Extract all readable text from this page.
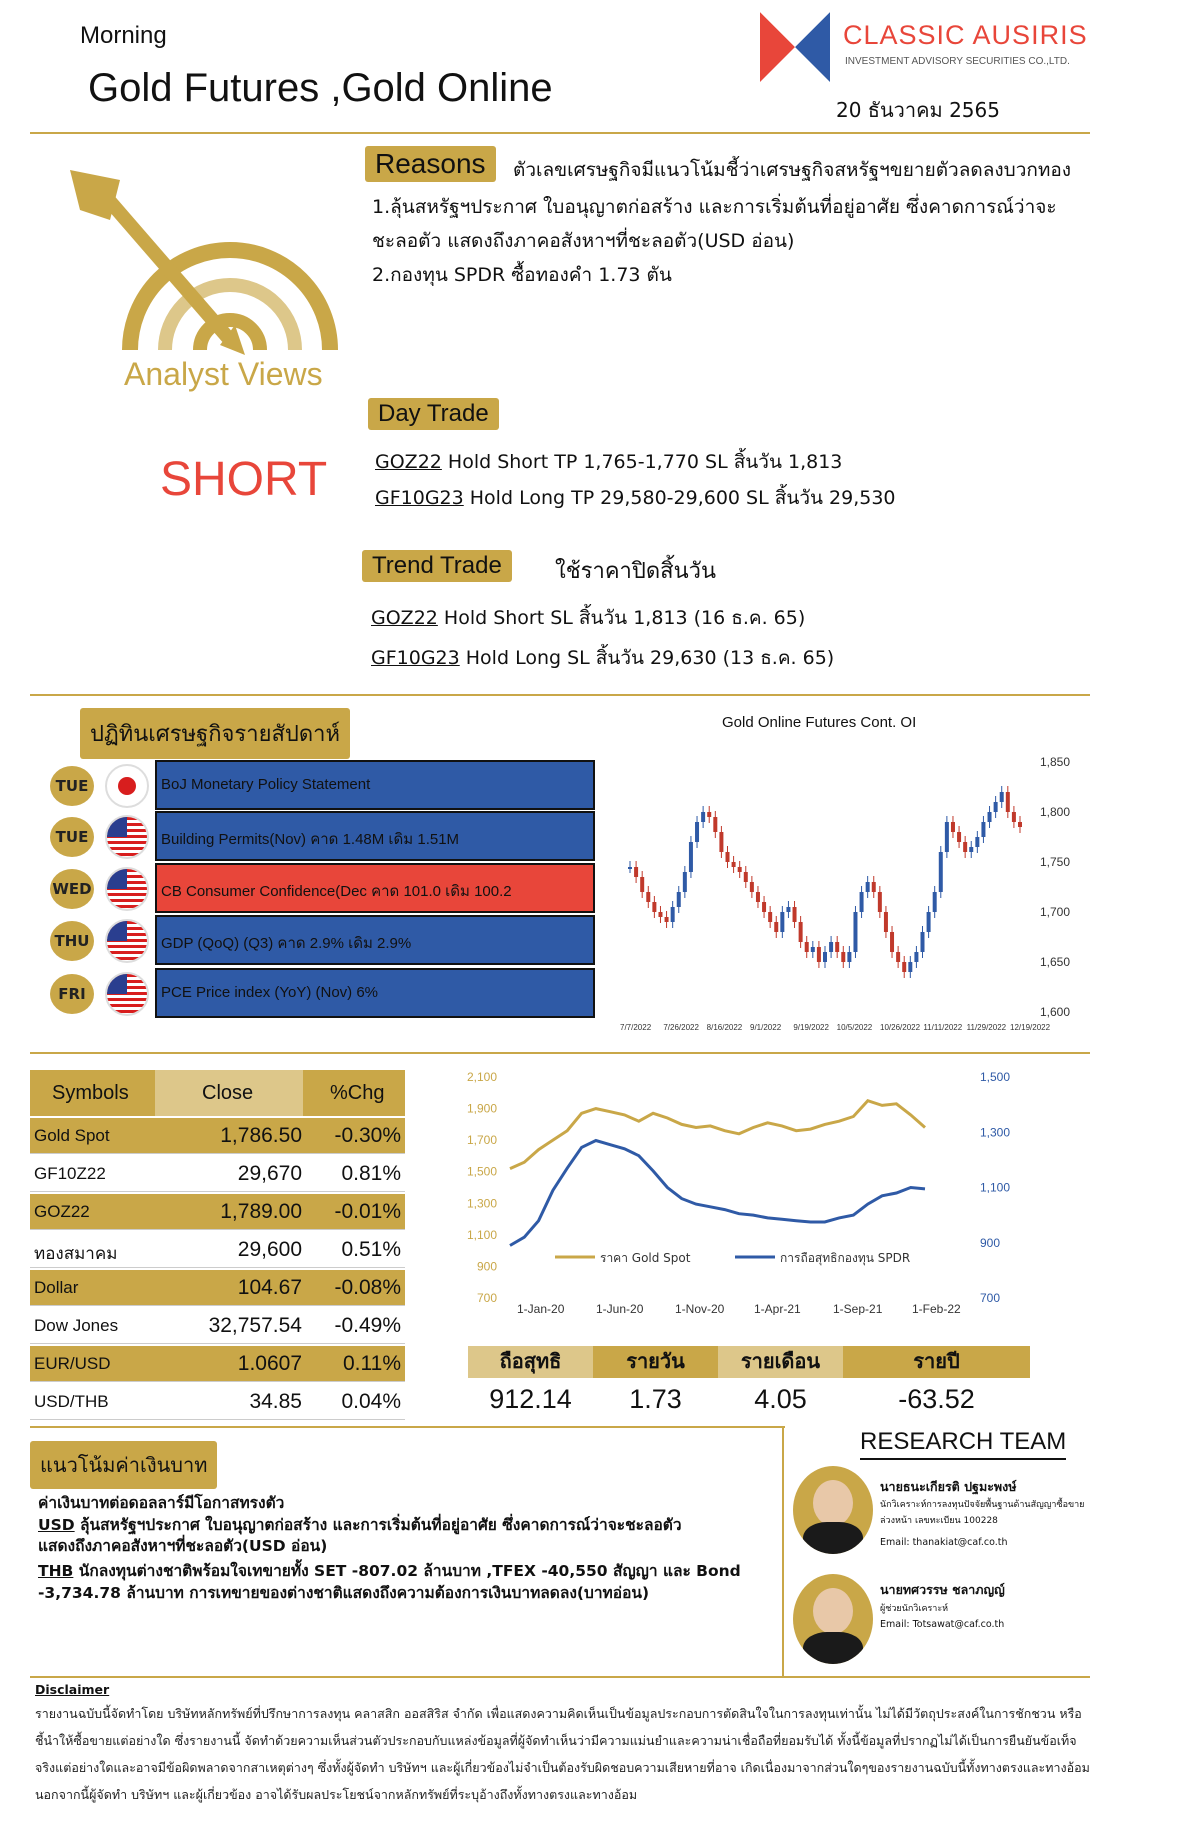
Morning
Gold Futures ,Gold Online
CLASSIC AUSIRIS
INVESTMENT ADVISORY SECURITIES CO.,LTD.
20 ธันวาคม 2565
Analyst Views
SHORT
Reasons	ตัวเลขเศรษฐกิจมีแนวโน้มชี้ว่าเศรษฐกิจสหรัฐฯขยายตัวลดลงบวกทอง
1.ลุ้นสหรัฐฯประกาศ ใบอนุญาตก่อสร้าง และการเริ่มต้นที่อยู่อาศัย ซึ่งคาดการณ์ว่าจะ
ชะลอตัว แสดงถึงภาคอสังหาฯที่ชะลอตัว(USD อ่อน)
2.กองทุน SPDR ซื้อทองคำ 1.73 ตัน
Day Trade
GOZ22 Hold Short TP 1,765-1,770 SL สิ้นวัน 1,813
GF10G23 Hold Long TP 29,580-29,600 SL สิ้นวัน 29,530
Trend Trade	ใช้ราคาปิดสิ้นวัน
GOZ22 Hold Short SL สิ้นวัน 1,813 (16 ธ.ค. 65)
GF10G23 Hold Long SL สิ้นวัน 29,630 (13 ธ.ค. 65)
ปฏิทินเศรษฐกิจรายสัปดาห์
TUE	BoJ Monetary Policy Statement
TUE	Building Permits(Nov) คาด 1.48M เดิม 1.51M
WED	CB Consumer Confidence(Dec คาด 101.0 เดิม 100.2
THU	GDP (QoQ) (Q3) คาด 2.9% เดิม 2.9%
FRI	PCE Price index (YoY) (Nov) 6%
Gold Online Futures Cont. OI
1,850
1,800
1,750
1,700
1,650
1,600
7/7/2022 7/26/2022 8/16/2022 9/1/2022 9/19/2022 10/5/2022 10/26/2022 11/11/2022 11/29/2022 12/19/2022
Symbols	Close	%Chg
Gold Spot	1,786.50 -0.30%
GF10Z22	29,670 0.81%
GOZ22	1,789.00 -0.01%
ทองสมาคม	29,600 0.51%
Dollar	104.67 -0.08%
Dow Jones	32,757.54 -0.49%
EUR/USD	1.0607 0.11%
USD/THB	34.85 0.04%
2,100
1,900
1,700
1,500
1,300
1,100
900
700
1,500
1,300
1,100
900
700
1-Jan-20	1-Jun-20	1-Nov-20 1-Apr-21	1-Sep-21 1-Feb-22
ราคา Gold Spot	การถือสุทธิกองทุน SPDR
ถือสุทธิ	รายวัน	รายเดือน	รายปี
912.14	1.73	4.05	-63.52
แนวโน้มค่าเงินบาท
ค่าเงินบาทต่อดอลลาร์มีโอกาสทรงตัว
USD ลุ้นสหรัฐฯประกาศ ใบอนุญาตก่อสร้าง และการเริ่มต้นที่อยู่อาศัย ซึ่งคาดการณ์ว่าจะชะลอตัว
แสดงถึงภาคอสังหาฯที่ชะลอตัว(USD อ่อน)
THB นักลงทุนต่างชาติพร้อมใจเทขายทั้ง SET -807.02 ล้านบาท ,TFEX -40,550 สัญญา และ Bond
-3,734.78 ล้านบาท การเทขายของต่างชาติแสดงถึงความต้องการเงินบาทลดลง(บาทอ่อน)
RESEARCH TEAM
นายธนะเกียรติ ปฐมะพงษ์
นักวิเคราะห์การลงทุนปัจจัยพื้นฐานด้านสัญญาซื้อขายล่วงหน้า เลขทะเบียน 100228
Email: thanakiat@caf.co.th
นายทศวรรษ ชลาภญญ์
ผู้ช่วยนักวิเคราะห์
Email: Totsawat@caf.co.th
Disclaimer
รายงานฉบับนี้จัดทำโดย บริษัทหลักทรัพย์ที่ปรึกษาการลงทุน คลาสสิก ออสสิริส จำกัด เพื่อแสดงความคิดเห็นเป็นข้อมูลประกอบการตัดสินใจในการลงทุนเท่านั้น ไม่ได้มีวัตถุประสงค์ในการชักชวน หรือชี้นำให้ซื้อขายแต่อย่างใด ซึ่งรายงานนี้ จัดทำด้วยความเห็นส่วนตัวประกอบกับแหล่งข้อมูลที่ผู้จัดทำเห็นว่ามีความแม่นยำและความน่าเชื่อถือที่ยอมรับได้ ทั้งนี้ข้อมูลที่ปรากฏไม่ได้เป็นการยืนยันข้อเท็จจริงแต่อย่างใดและอาจมีข้อผิดพลาดจากสาเหตุต่างๆ ซึ่งทั้งผู้จัดทำ บริษัทฯ และผู้เกี่ยวข้องไม่จำเป็นต้องรับผิดชอบความเสียหายที่อาจ เกิดเนื่องมาจากส่วนใดๆของรายงานฉบับนี้ทั้งทางตรงและทางอ้อม นอกจากนี้ผู้จัดทำ บริษัทฯ และผู้เกี่ยวข้อง อาจได้รับผลประโยชน์จากหลักทรัพย์ที่ระบุอ้างถึงทั้งทางตรงและทางอ้อม
